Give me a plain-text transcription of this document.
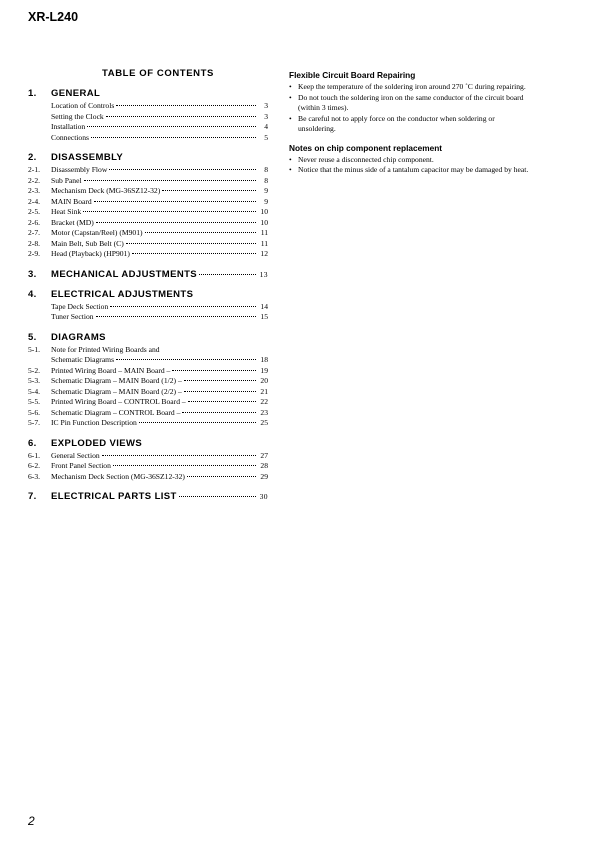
XR-L240
TABLE OF CONTENTS
1.	GENERAL
Location of Controls	3
Setting the Clock	3
Installation	4
Connections	5
2.	DISASSEMBLY
2-1.	Disassembly Flow	8
2-2.	Sub Panel	8
2-3.	Mechanism Deck (MG-36SZ12-32)	9
2-4.	MAIN Board	9
2-5.	Heat Sink	10
2-6.	Bracket (MD)	10
2-7.	Motor (Capstan/Reel) (M901)	11
2-8.	Main Belt, Sub Belt (C)	11
2-9.	Head (Playback) (HP901)	12
3.	MECHANICAL ADJUSTMENTS	13
4.	ELECTRICAL ADJUSTMENTS
Tape Deck Section	14
Tuner Section	15
5.	DIAGRAMS
5-1.	Note for Printed Wiring Boards and
Schematic Diagrams	18
5-2.	Printed Wiring Board – MAIN Board –	19
5-3.	Schematic Diagram – MAIN Board (1/2) –	20
5-4.	Schematic Diagram – MAIN Board (2/2) –	21
5-5.	Printed Wiring Board – CONTROL Board –	22
5-6.	Schematic Diagram – CONTROL Board –	23
5-7.	IC Pin Function Description	25
6.	EXPLODED VIEWS
6-1.	General Section	27
6-2.	Front Panel Section	28
6-3.	Mechanism Deck Section (MG-36SZ12-32)	29
7.	ELECTRICAL PARTS LIST	30
Flexible Circuit Board Repairing
• Keep the temperature of the soldering iron around 270 ˚C during repairing.
• Do not touch the soldering iron on the same conductor of the circuit board (within 3 times).
• Be careful not to apply force on the conductor when soldering or unsoldering.
Notes on chip component replacement
• Never reuse a disconnected chip component.
• Notice that the minus side of a tantalum capacitor may be damaged by heat.
2
